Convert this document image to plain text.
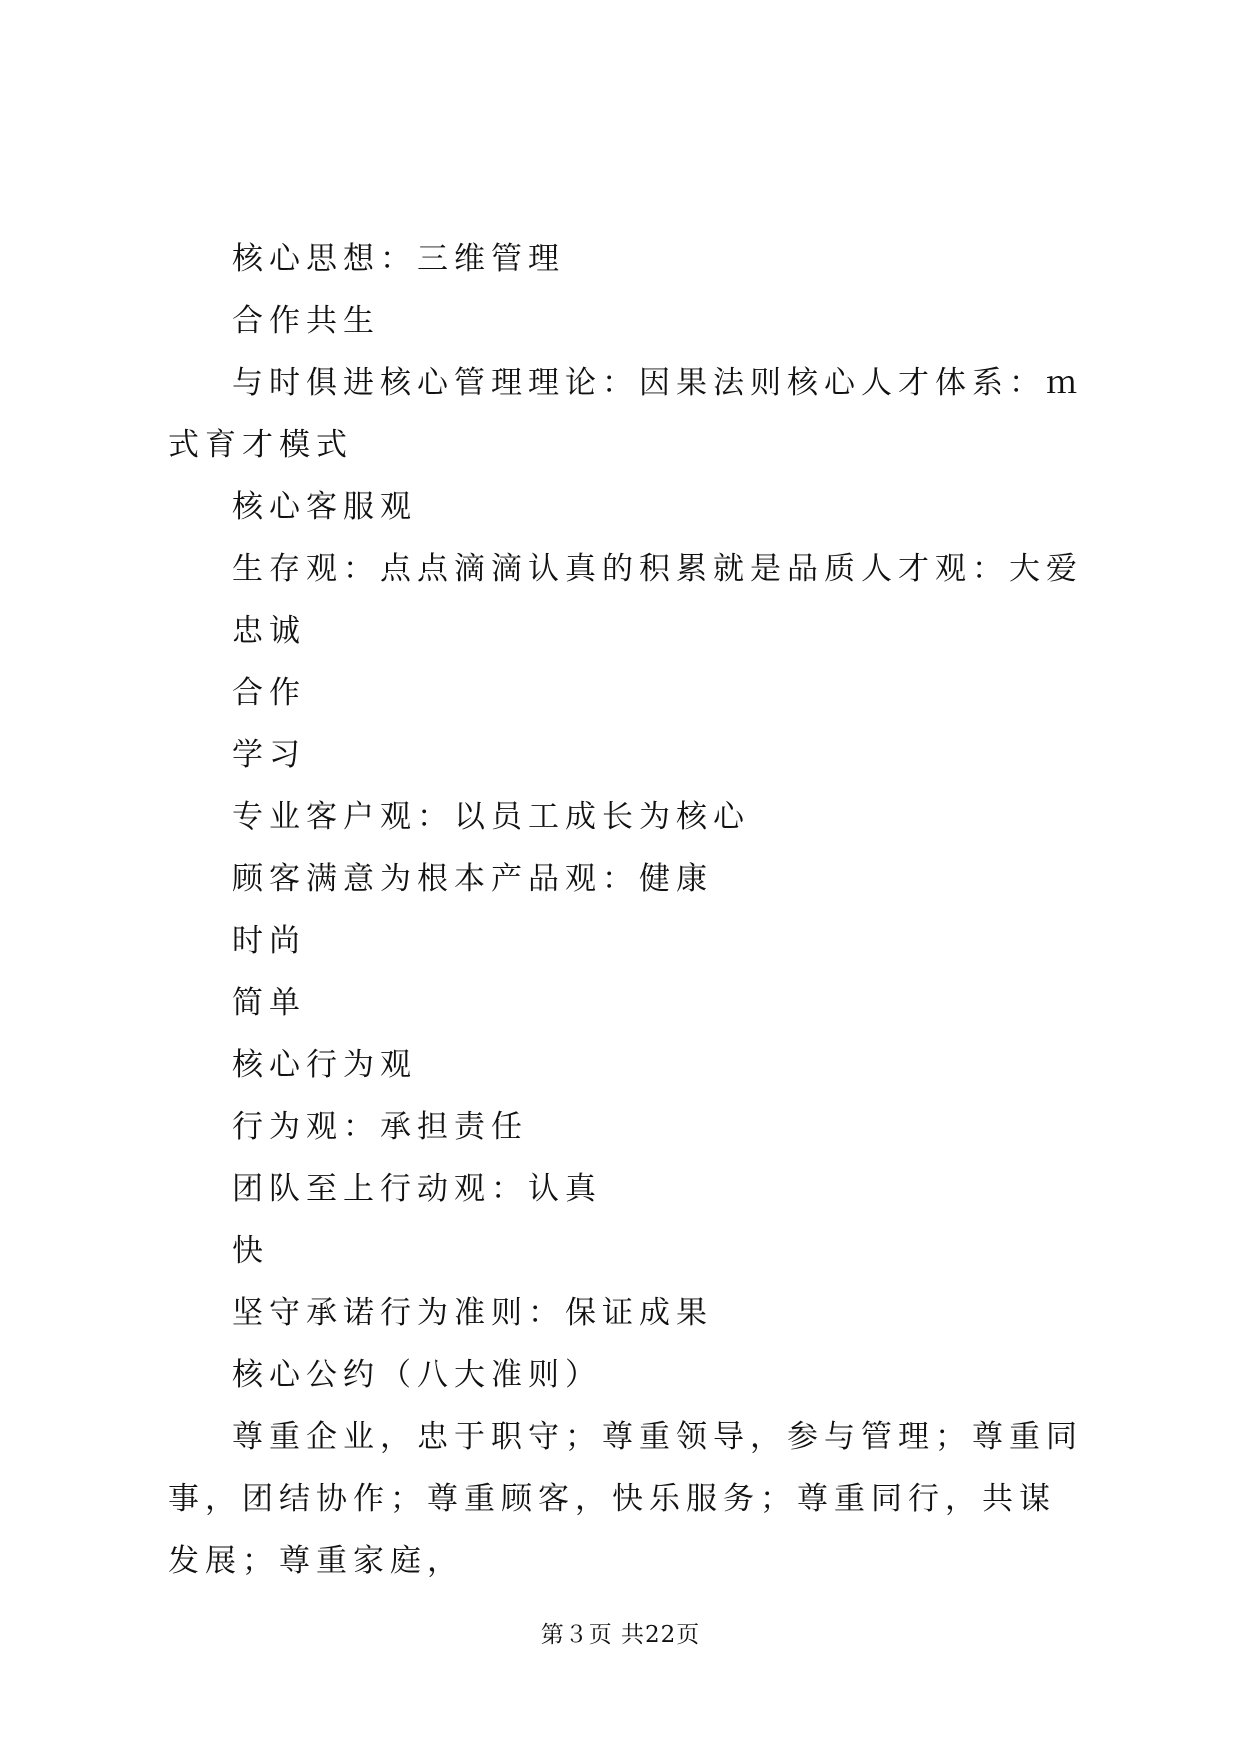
核心思想：三维管理

合作共生

与时俱进核心管理理论：因果法则核心人才体系：ｍ式育才模式

核心客服观

生存观：点点滴滴认真的积累就是品质人才观：大爱

忠诚

合作

学习

专业客户观：以员工成长为核心

顾客满意为根本产品观：健康

时尚

简单

核心行为观

行为观：承担责任

团队至上行动观：认真

快

坚守承诺行为准则：保证成果

核心公约（八大准则）

尊重企业，忠于职守；尊重领导，参与管理；尊重同事，团结协作；尊重顾客，快乐服务；尊重同行，共谋发展；尊重家庭，

第３页 共22页
